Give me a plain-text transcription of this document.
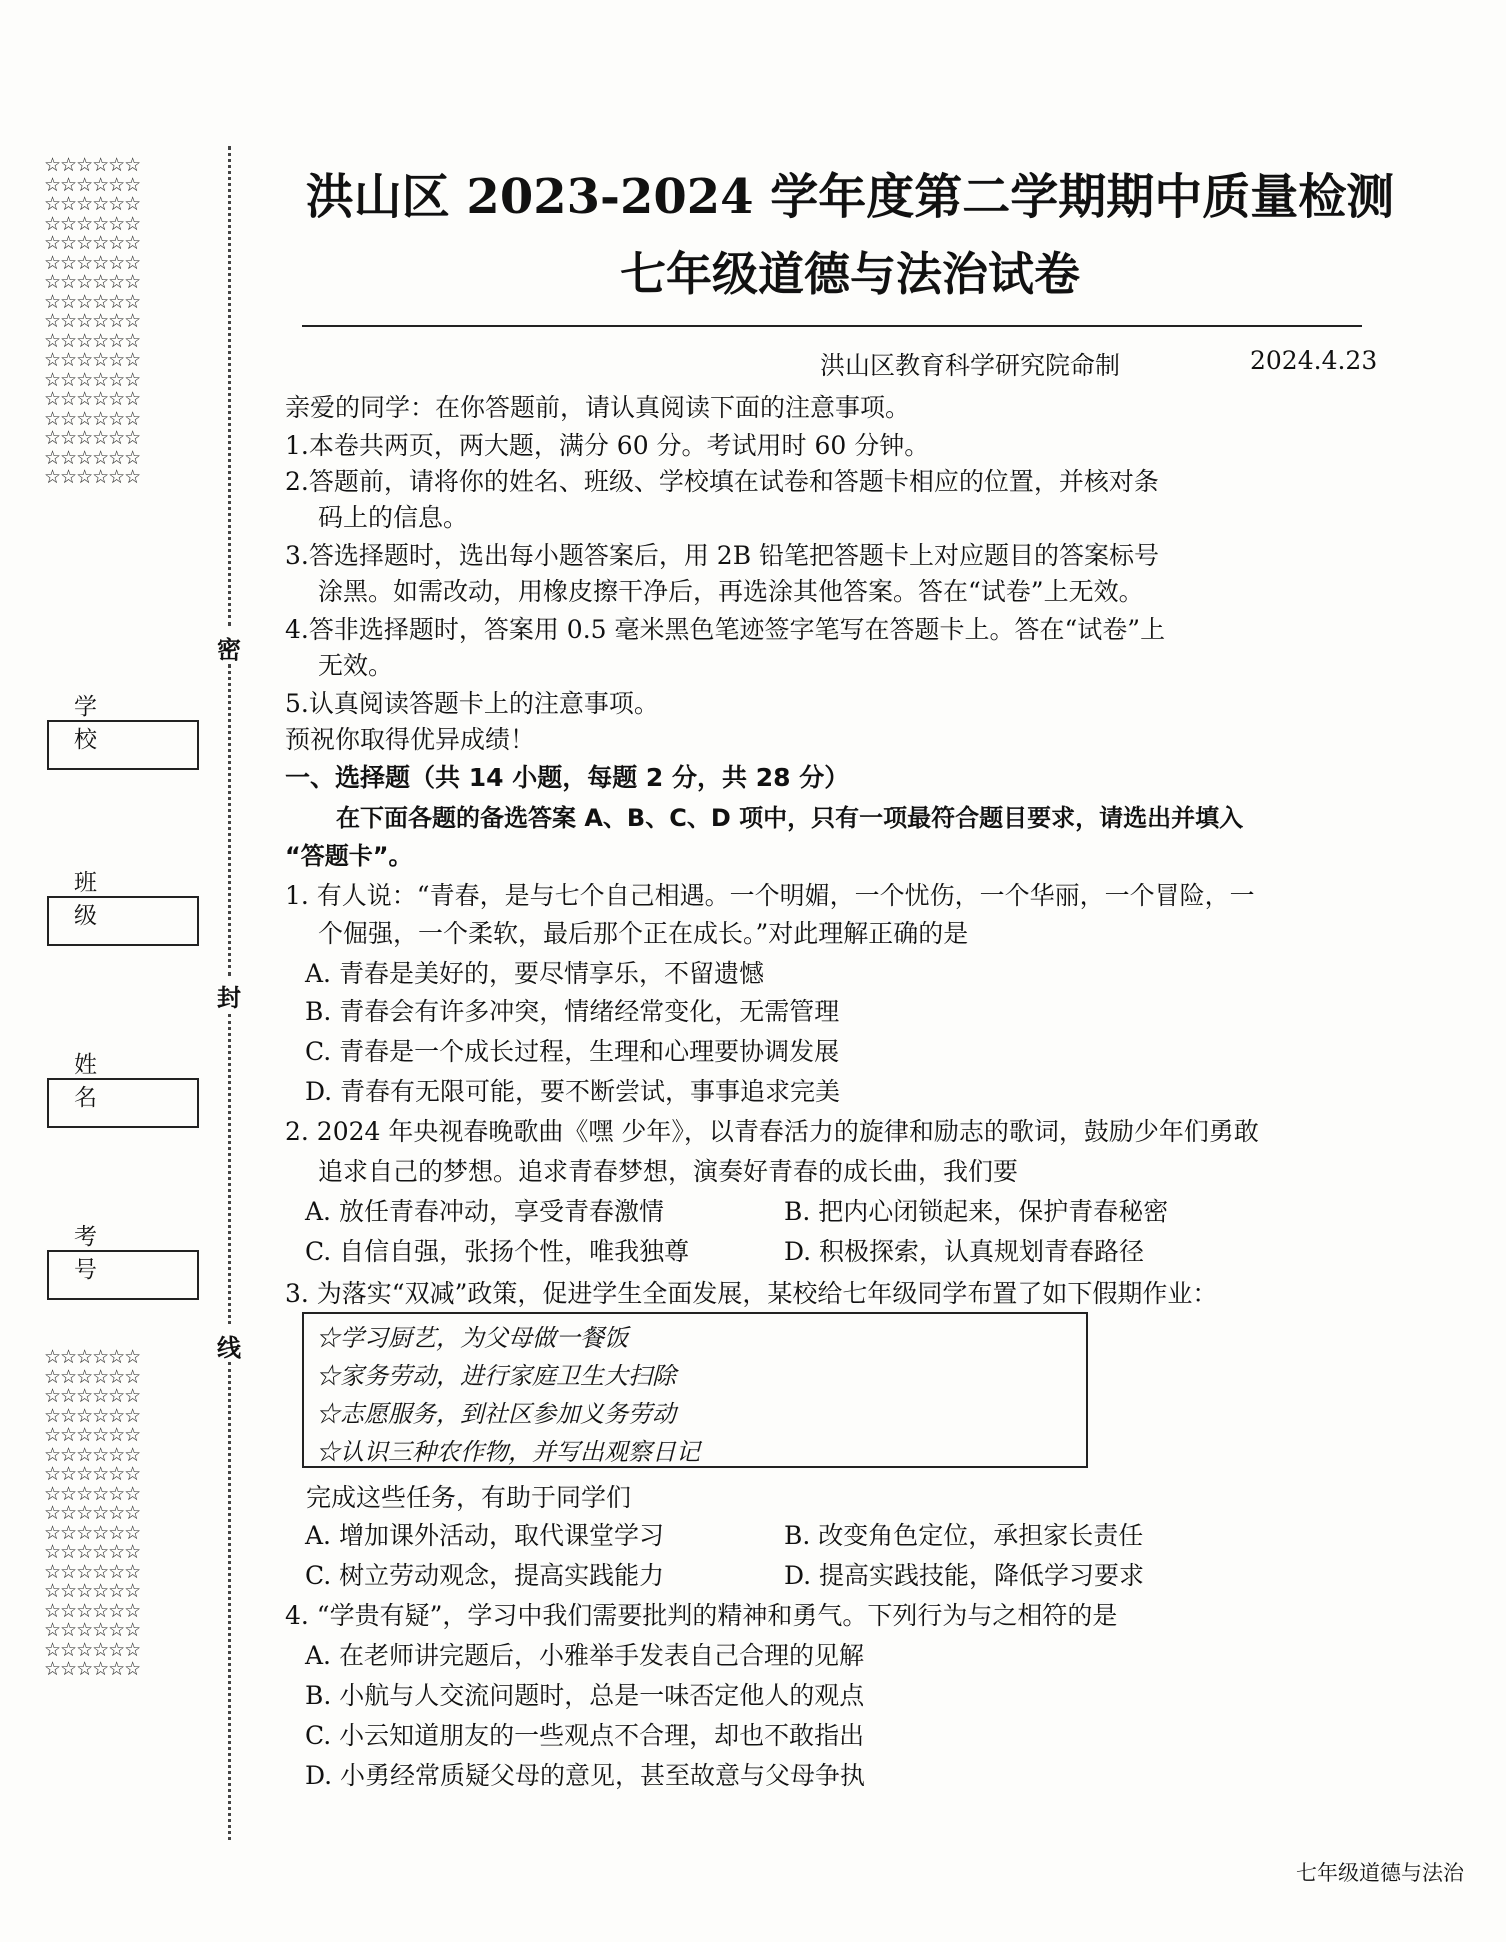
☆☆☆☆☆☆
☆☆☆☆☆☆
☆☆☆☆☆☆
☆☆☆☆☆☆
☆☆☆☆☆☆
☆☆☆☆☆☆
☆☆☆☆☆☆
☆☆☆☆☆☆
☆☆☆☆☆☆
☆☆☆☆☆☆
☆☆☆☆☆☆
☆☆☆☆☆☆
☆☆☆☆☆☆
☆☆☆☆☆☆
☆☆☆☆☆☆
☆☆☆☆☆☆
☆☆☆☆☆☆
☆☆☆☆☆☆
☆☆☆☆☆☆
☆☆☆☆☆☆
☆☆☆☆☆☆
☆☆☆☆☆☆
☆☆☆☆☆☆
☆☆☆☆☆☆
☆☆☆☆☆☆
☆☆☆☆☆☆
☆☆☆☆☆☆
☆☆☆☆☆☆
☆☆☆☆☆☆
☆☆☆☆☆☆
☆☆☆☆☆☆
☆☆☆☆☆☆
☆☆☆☆☆☆
☆☆☆☆☆☆
密
封
线
学 校
班 级
姓 名
考 号
洪山区 2023-2024 学年度第二学期期中质量检测
七年级道德与法治试卷
洪山区教育科学研究院命制	2024.4.23
亲爱的同学：在你答题前，请认真阅读下面的注意事项。
1.本卷共两页，两大题，满分 60 分。考试用时 60 分钟。
2.答题前，请将你的姓名、班级、学校填在试卷和答题卡相应的位置，并核对条
码上的信息。
3.答选择题时，选出每小题答案后，用 2B 铅笔把答题卡上对应题目的答案标号
涂黑。如需改动，用橡皮擦干净后，再选涂其他答案。答在“试卷”上无效。
4.答非选择题时，答案用 0.5 毫米黑色笔迹签字笔写在答题卡上。答在“试卷”上
无效。
5.认真阅读答题卡上的注意事项。
预祝你取得优异成绩！
一、选择题（共 14 小题，每题 2 分，共 28 分）
在下面各题的备选答案 A、B、C、D 项中，只有一项最符合题目要求，请选出并填入
“答题卡”。
1. 有人说：“青春，是与七个自己相遇。一个明媚，一个忧伤，一个华丽，一个冒险，一
个倔强，一个柔软，最后那个正在成长。”对此理解正确的是
A. 青春是美好的，要尽情享乐，不留遗憾
B. 青春会有许多冲突，情绪经常变化，无需管理
C. 青春是一个成长过程，生理和心理要协调发展
D. 青春有无限可能，要不断尝试，事事追求完美
2. 2024 年央视春晚歌曲《嘿 少年》，以青春活力的旋律和励志的歌词，鼓励少年们勇敢
追求自己的梦想。追求青春梦想，演奏好青春的成长曲，我们要
A. 放任青春冲动，享受青春激情	B. 把内心闭锁起来，保护青春秘密
C. 自信自强，张扬个性，唯我独尊	D. 积极探索，认真规划青春路径
3. 为落实“双减”政策，促进学生全面发展，某校给七年级同学布置了如下假期作业：
☆学习厨艺，为父母做一餐饭
☆家务劳动，进行家庭卫生大扫除
☆志愿服务，到社区参加义务劳动
☆认识三种农作物，并写出观察日记
完成这些任务，有助于同学们
A. 增加课外活动，取代课堂学习	B. 改变角色定位，承担家长责任
C. 树立劳动观念，提高实践能力	D. 提高实践技能，降低学习要求
4. “学贵有疑”，学习中我们需要批判的精神和勇气。下列行为与之相符的是
A. 在老师讲完题后，小雅举手发表自己合理的见解
B. 小航与人交流问题时，总是一味否定他人的观点
C. 小云知道朋友的一些观点不合理，却也不敢指出
D. 小勇经常质疑父母的意见，甚至故意与父母争执
七年级道德与法治
